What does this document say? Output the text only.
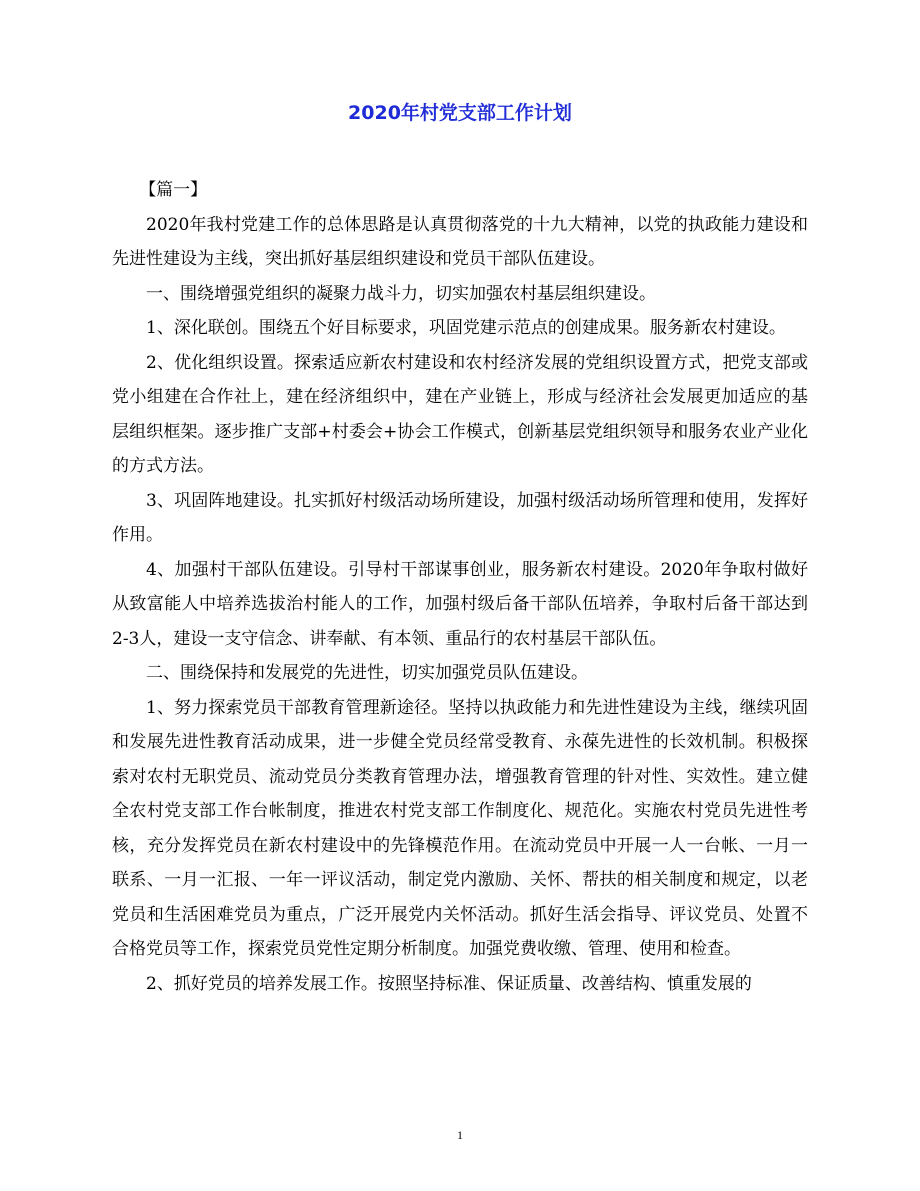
2020年村党支部工作计划

【篇一】

2020年我村党建工作的总体思路是认真贯彻落党的十九大精神，以党的执政能力建设和先进性建设为主线，突出抓好基层组织建设和党员干部队伍建设。

一、围绕增强党组织的凝聚力战斗力，切实加强农村基层组织建设。

1、深化联创。围绕五个好目标要求，巩固党建示范点的创建成果。服务新农村建设。

2、优化组织设置。探索适应新农村建设和农村经济发展的党组织设置方式，把党支部或党小组建在合作社上，建在经济组织中，建在产业链上，形成与经济社会发展更加适应的基层组织框架。逐步推广支部+村委会+协会工作模式，创新基层党组织领导和服务农业产业化的方式方法。

3、巩固阵地建设。扎实抓好村级活动场所建设，加强村级活动场所管理和使用，发挥好作用。

4、加强村干部队伍建设。引导村干部谋事创业，服务新农村建设。2020年争取村做好从致富能人中培养选拔治村能人的工作，加强村级后备干部队伍培养，争取村后备干部达到2-3人，建设一支守信念、讲奉献、有本领、重品行的农村基层干部队伍。

二、围绕保持和发展党的先进性，切实加强党员队伍建设。

1、努力探索党员干部教育管理新途径。坚持以执政能力和先进性建设为主线，继续巩固和发展先进性教育活动成果，进一步健全党员经常受教育、永葆先进性的长效机制。积极探索对农村无职党员、流动党员分类教育管理办法，增强教育管理的针对性、实效性。建立健全农村党支部工作台帐制度，推进农村党支部工作制度化、规范化。实施农村党员先进性考核，充分发挥党员在新农村建设中的先锋模范作用。在流动党员中开展一人一台帐、一月一联系、一月一汇报、一年一评议活动，制定党内激励、关怀、帮扶的相关制度和规定，以老党员和生活困难党员为重点，广泛开展党内关怀活动。抓好生活会指导、评议党员、处置不合格党员等工作，探索党员党性定期分析制度。加强党费收缴、管理、使用和检查。

2、抓好党员的培养发展工作。按照坚持标准、保证质量、改善结构、慎重发展的

1
